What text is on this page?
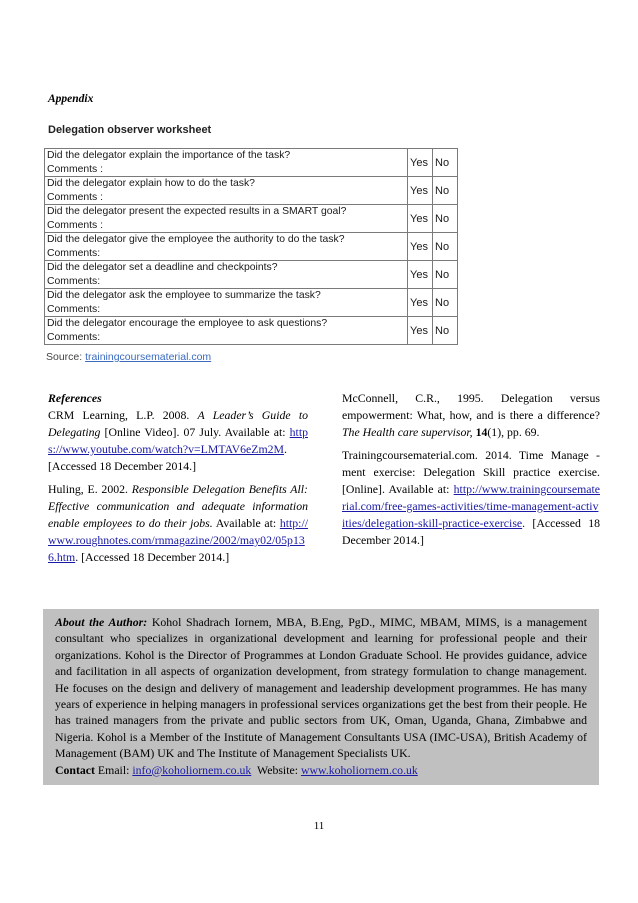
Appendix
Delegation observer worksheet
Did the delegator explain the importance of the task?
Comments :	Yes	No

Did the delegator explain how to do the task?
Comments :	Yes	No

Did the delegator present the expected results in a SMART goal?
Comments :	Yes	No

Did the delegator give the employee the authority to do the task?
Comments:	Yes	No

Did the delegator set a deadline and checkpoints?
Comments:	Yes	No

Did the delegator ask the employee to summarize the task?
Comments:	Yes	No

Did the delegator encourage the employee to ask questions?
Comments:	Yes	No
Source: trainingcoursematerial.com
References

CRM Learning, L.P. 2008. A Leader’s Guide to Delegating [Online Video]. 07 July. Available at: https://www.youtube.com/watch?v=LMTAV6eZm2M. [Accessed 18 December 2014.]

Huling, E. 2002. Responsible Delegation Benefits All: Effective communication and adequate information enable employees to do their jobs. Available at: http://www.roughnotes.com/rnmagazine/2002/may02/05p136.htm. [Accessed 18 December 2014.]

McConnell, C.R., 1995. Delegation versus empowerment: What, how, and is there a difference? The Health care supervisor, 14(1), pp. 69.

Trainingcoursematerial.com. 2014. Time Manage -ment exercise: Delegation Skill practice exercise. [Online]. Available at: http://www.trainingcoursematerial.com/free-games-activities/time-management-activities/delegation-skill-practice-exercise. [Accessed 18 December 2014.]

About the Author: Kohol Shadrach Iornem, MBA, B.Eng, PgD., MIMC, MBAM, MIMS, is a management consultant who specializes in organizational development and learning for professional people and their organizations. Kohol is the Director of Programmes at London Graduate School. He provides guidance, advice and facilitation in all aspects of organization development, from strategy formulation to change management. He focuses on the design and delivery of management and leadership development programmes. He has many years of experience in helping managers in professional services organizations get the best from their people. He has trained managers from the private and public sectors from UK, Oman, Uganda, Ghana, Zimbabwe and Nigeria. Kohol is a Member of the Institute of Management Consultants USA (IMC-USA), British Academy of Management (BAM) UK and The Institute of Management Specialists UK.
Contact Email: info@koholiornem.co.uk  Website: www.koholiornem.co.uk
11
